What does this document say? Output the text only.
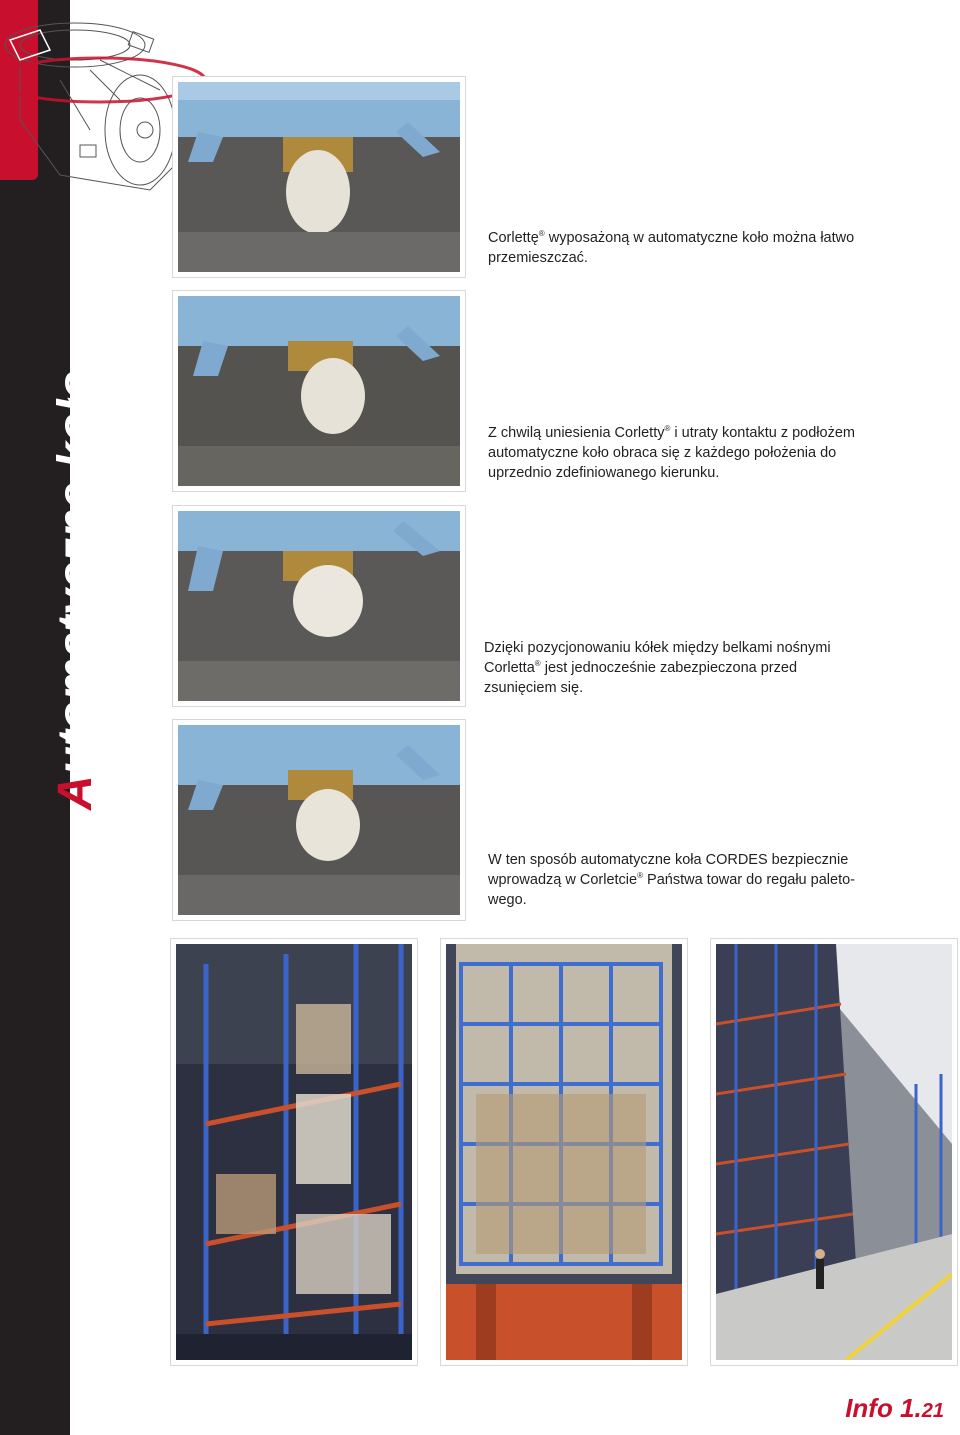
Automatyczne koło

Corlettę® wyposażoną w automatyczne koło można łatwo przemieszczać.

Z chwilą uniesienia Corletty® i utraty kontaktu z podłożem automatyczne koło obraca się z każdego położenia do uprzednio zdefiniowanego kierunku.

Dzięki pozycjonowaniu kółek między belkami nośnymi Corletta® jest jednocześnie zabezpieczona przed zsunięciem się.

W ten sposób automatyczne koła CORDES bezpiecznie wprowadzą w Corletcie® Państwa towar do regału paleto-wego.

Info 1.21
